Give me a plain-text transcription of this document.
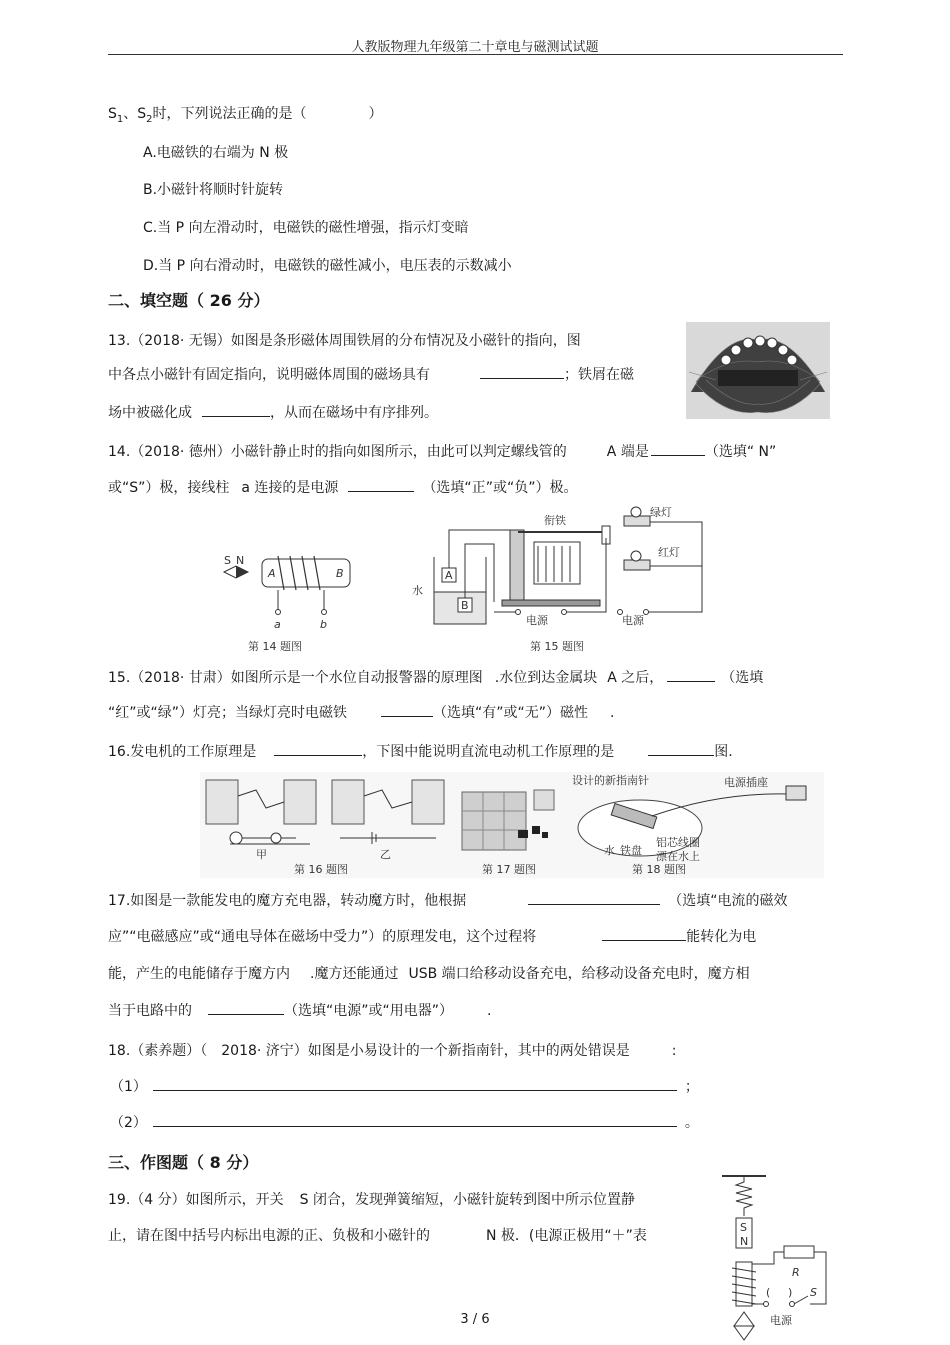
人教版物理九年级第二十章电与磁测试试题
$S_1$、$S_2$时，下列说法正确的是（	）
A.电磁铁的右端为 N 极
B.小磁针将顺时针旋转
C.当 P 向左滑动时，电磁铁的磁性增强，指示灯变暗
D.当 P 向右滑动时，电磁铁的磁性减小，电压表的示数减小
二、填空题（ 26 分）
13.（2018· 无锡）如图是条形磁体周围铁屑的分布情况及小磁针的指向，图
中各点小磁针有固定指向，说明磁体周围的磁场具有	；铁屑在磁
场中被磁化成	，从而在磁场中有序排列。
14.（2018· 德州）小磁针静止时的指向如图所示，由此可以判定螺线管的	A 端是	（选填“ N”
或“S”）极，接线柱 a 连接的是电源	（选填“正”或“负”）极。
S N
A	B
a	b
第 14 题图
A
B
水
衔铁
绿灯
红灯
电源	电源
第 15 题图
15.（2018· 甘肃）如图所示是一个水位自动报警器的原理图 .水位到达金属块 A 之后，	（选填
“红”或“绿”）灯亮；当绿灯亮时电磁铁	（选填“有”或“无”）磁性 .
16.发电机的工作原理是	，下图中能说明直流电动机工作原理的是	图.
甲	乙
第 16 题图	第 17 题图
设计的新指南针	电源插座
铝芯线圈
漂在水上
水 铁盘
第 18 题图
17.如图是一款能发电的魔方充电器，转动魔方时，他根据	（选填“电流的磁效
应”“电磁感应”或“通电导体在磁场中受力”）的原理发电，这个过程将	能转化为电
能，产生的电能储存于魔方内 .魔方还能通过 USB 端口给移动设备充电，给移动设备充电时，魔方相
当于电路中的	（选填“电源”或“用电器”） .
18.（素养题）（ 2018· 济宁）如图是小易设计的一个新指南针，其中的两处错误是	:
（1）	；
（2）	。
三、作图题（ 8 分）
19.（4 分）如图所示，开关 S 闭合，发现弹簧缩短，小磁针旋转到图中所示位置静
止，请在图中括号内标出电源的正、负极和小磁针的	N 极．(电源正极用“＋”表
S
N
R
S
( )
电源
3 / 6
